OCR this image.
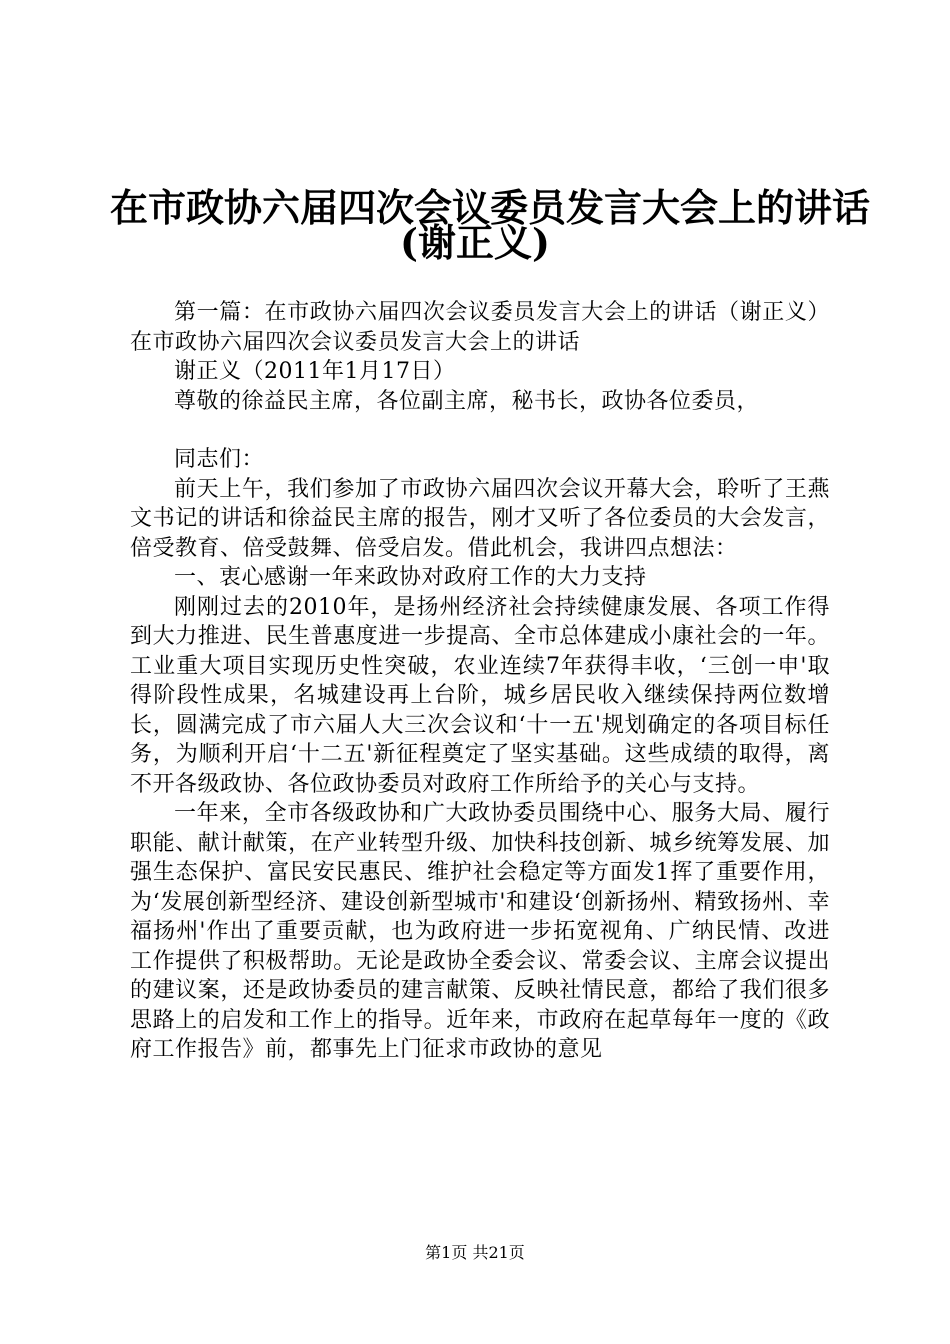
在市政协六届四次会议委员发言大会上的讲话
(谢正义)

第一篇：在市政协六届四次会议委员发言大会上的讲话（谢正义）在市政协六届四次会议委员发言大会上的讲话

谢正义（2011年1月17日）

尊敬的徐益民主席，各位副主席，秘书长，政协各位委员，

同志们：

前天上午，我们参加了市政协六届四次会议开幕大会，聆听了王燕文书记的讲话和徐益民主席的报告，刚才又听了各位委员的大会发言，倍受教育、倍受鼓舞、倍受启发。借此机会，我讲四点想法：

一、衷心感谢一年来政协对政府工作的大力支持

刚刚过去的2010年，是扬州经济社会持续健康发展、各项工作得到大力推进、民生普惠度进一步提高、全市总体建成小康社会的一年。工业重大项目实现历史性突破，农业连续7年获得丰收，‘三创一申'取得阶段性成果，名城建设再上台阶，城乡居民收入继续保持两位数增长，圆满完成了市六届人大三次会议和‘十一五'规划确定的各项目标任务，为顺利开启‘十二五'新征程奠定了坚实基础。这些成绩的取得，离不开各级政协、各位政协委员对政府工作所给予的关心与支持。

一年来，全市各级政协和广大政协委员围绕中心、服务大局、履行职能、献计献策，在产业转型升级、加快科技创新、城乡统筹发展、加强生态保护、富民安民惠民、维护社会稳定等方面发1挥了重要作用，为‘发展创新型经济、建设创新型城市'和建设‘创新扬州、精致扬州、幸福扬州'作出了重要贡献，也为政府进一步拓宽视角、广纳民情、改进工作提供了积极帮助。无论是政协全委会议、常委会议、主席会议提出的建议案，还是政协委员的建言献策、反映社情民意，都给了我们很多思路上的启发和工作上的指导。近年来，市政府在起草每年一度的《政府工作报告》前，都事先上门征求市政协的意见

第1页 共21页
